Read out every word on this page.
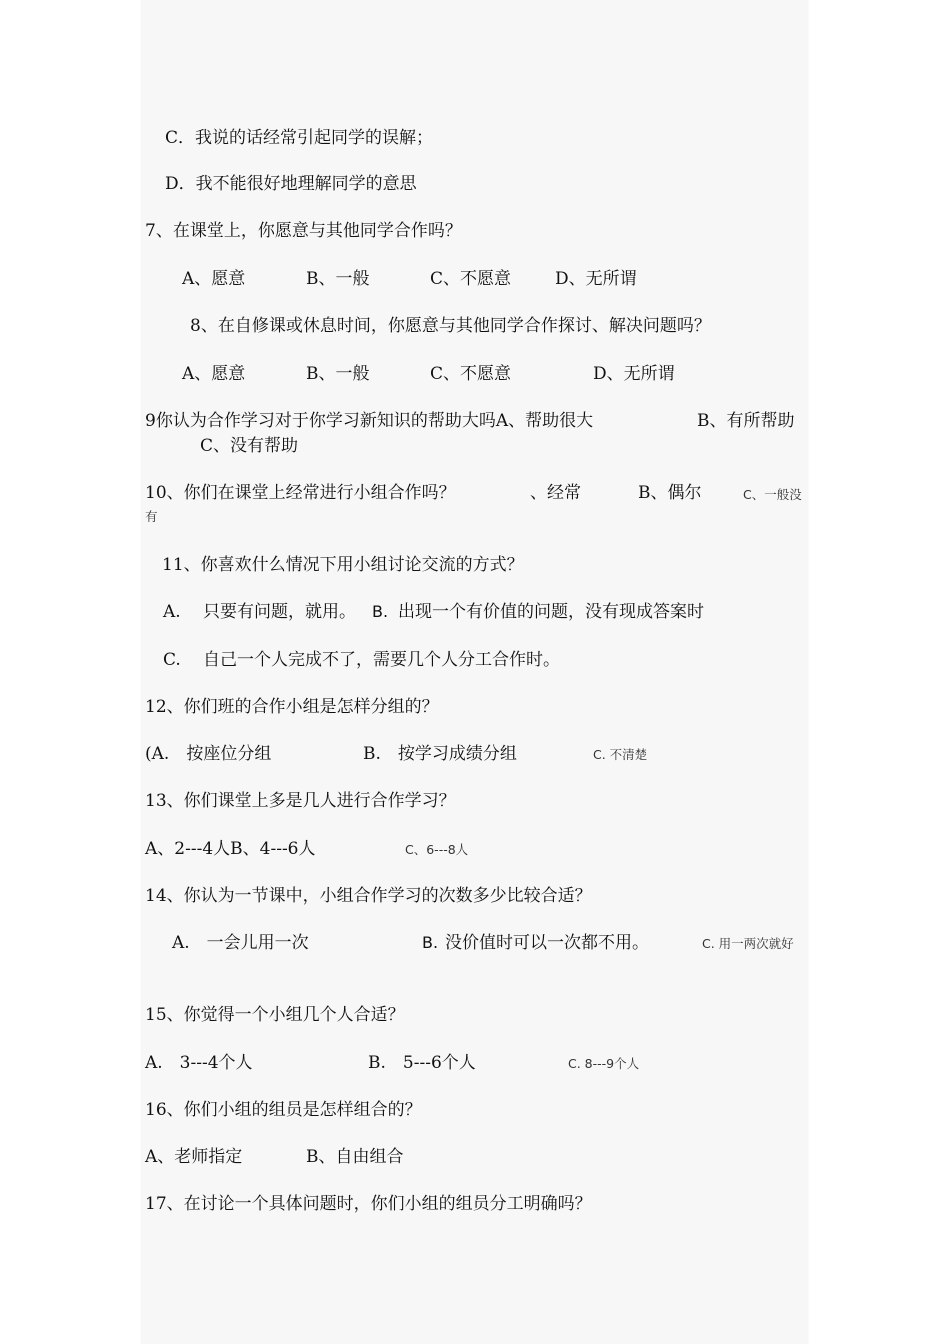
C．我说的话经常引起同学的误解；
D．我不能很好地理解同学的意思
7、在课堂上，你愿意与其他同学合作吗？
A、愿意	B、一般	C、不愿意	D、无所谓
8、在自修课或休息时间，你愿意与其他同学合作探讨、解决问题吗？
A、愿意	B、一般	C、不愿意	D、无所谓
9你认为合作学习对于你学习新知识的帮助大吗A、帮助很大	B、有所帮助
C、没有帮助
10、你们在课堂上经常进行小组合作吗？	、经常	B、偶尔	C、一般没
有
11、你喜欢什么情况下用小组讨论交流的方式？
A. 只要有问题，就用。 B. 出现一个有价值的问题，没有现成答案时
C. 自己一个人完成不了，需要几个人分工合作时。
12、你们班的合作小组是怎样分组的？
(A.　按座位分组	B.　按学习成绩分组	C. 不清楚
13、你们课堂上多是几人进行合作学习？
A、2---4人B、4---6人	C、6---8人
14、你认为一节课中，小组合作学习的次数多少比较合适？
A.　一会儿用一次	B. 没价值时可以一次都不用。	C. 用一两次就好
15、你觉得一个小组几个人合适？
A.　3---4个人	B.　5---6个人	C. 8---9个人
16、你们小组的组员是怎样组合的？
A、老师指定	B、自由组合
17、在讨论一个具体问题时，你们小组的组员分工明确吗？
